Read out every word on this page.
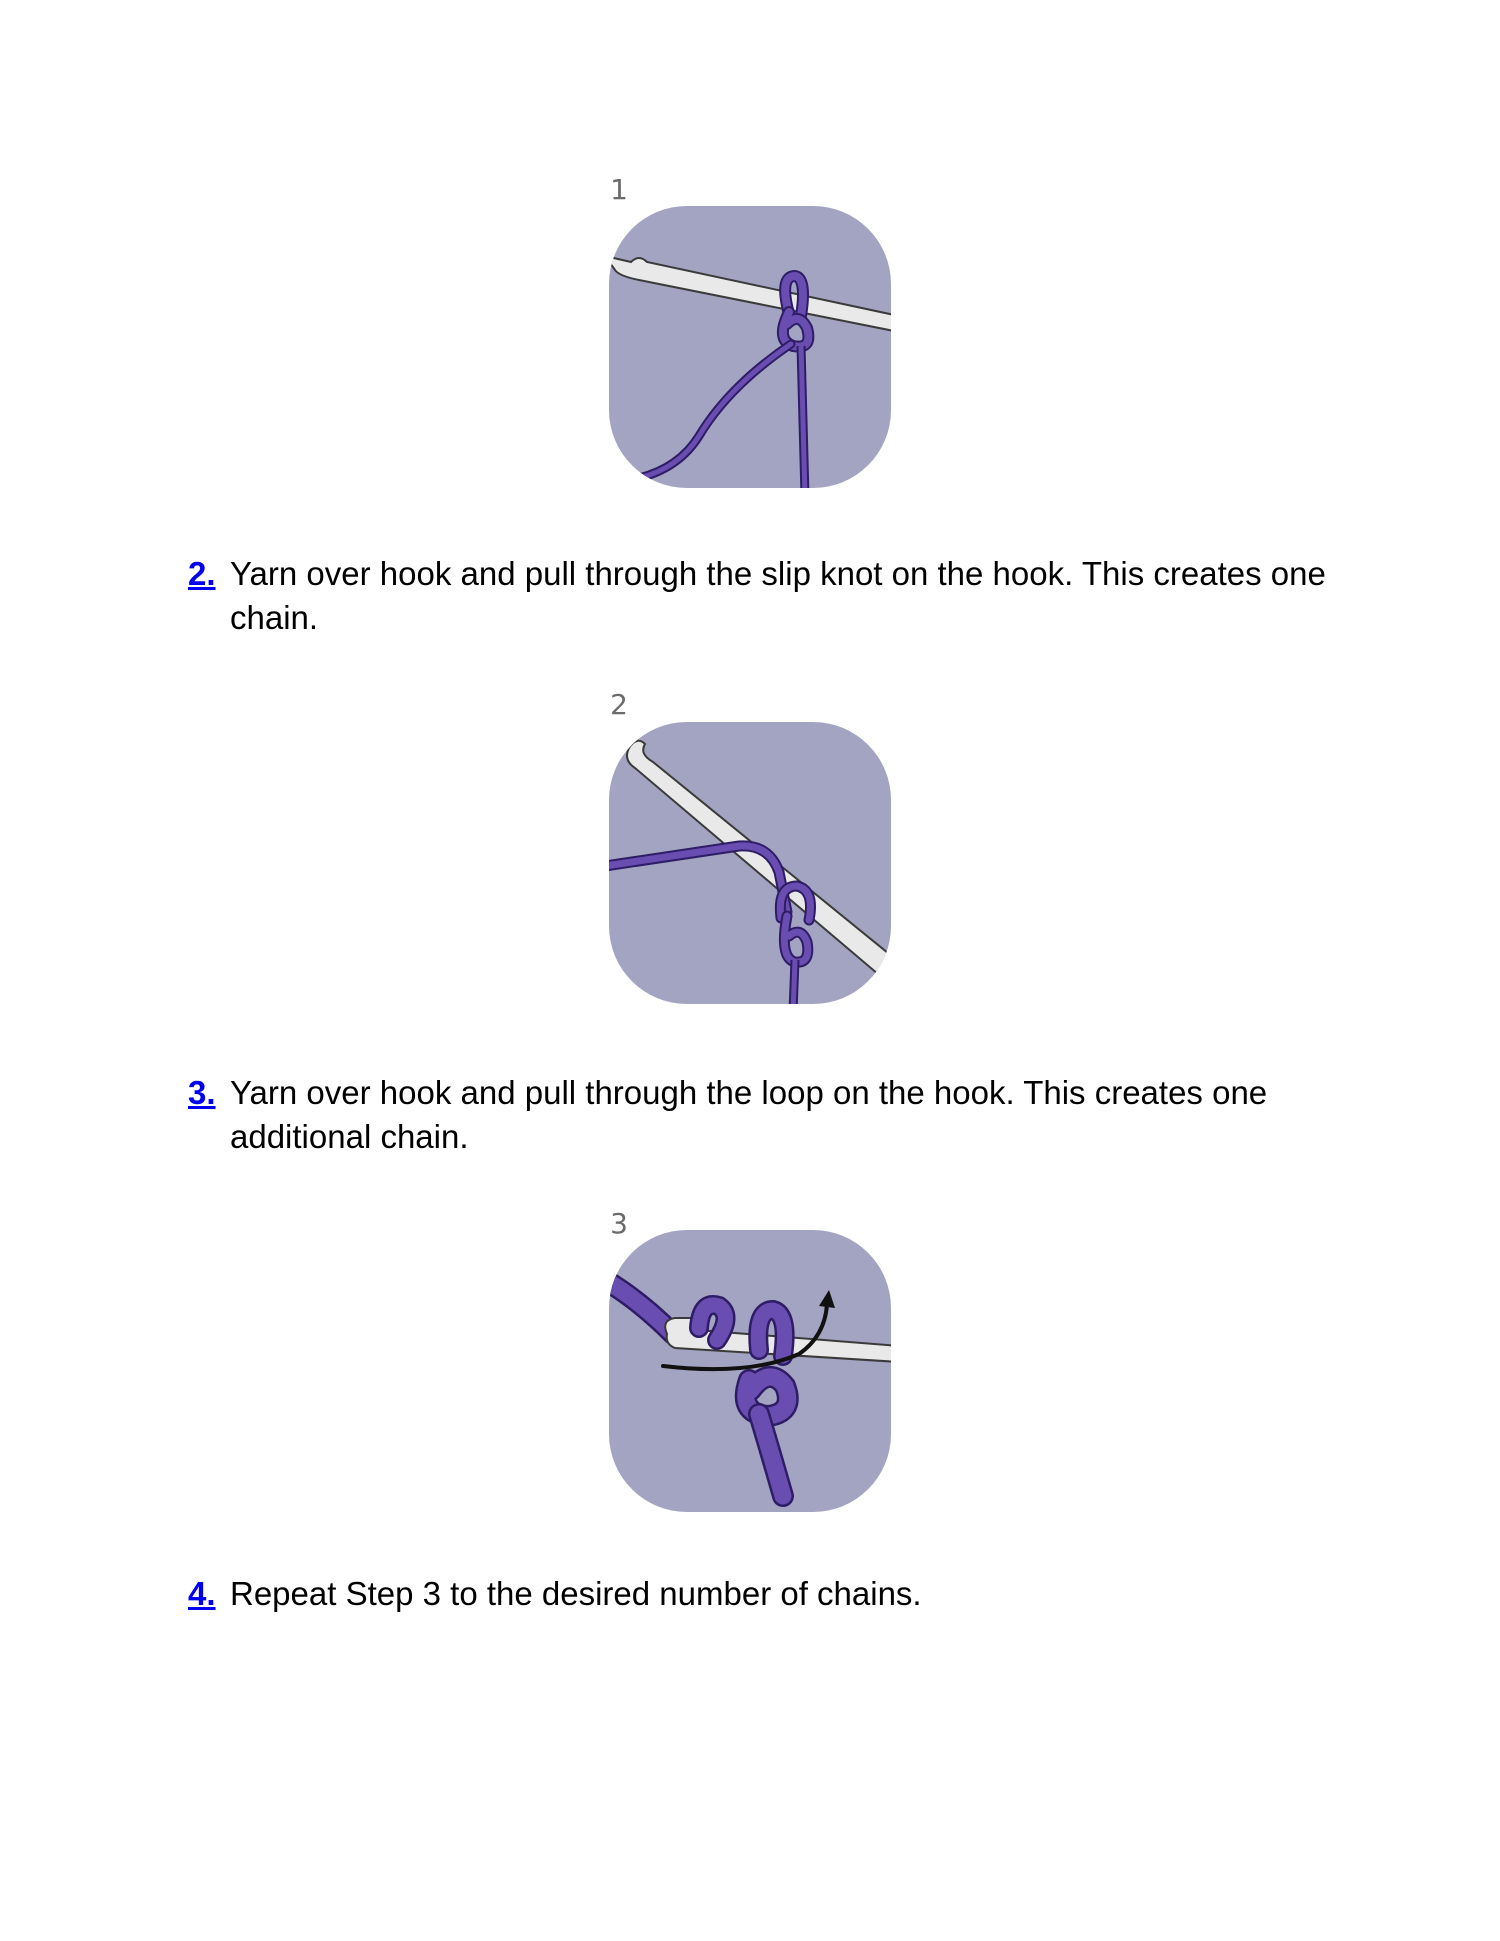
1
2. Yarn over hook and pull through the slip knot on the hook. This creates one chain.
2
3. Yarn over hook and pull through the loop on the hook. This creates one additional chain.
3
4. Repeat Step 3 to the desired number of chains.
